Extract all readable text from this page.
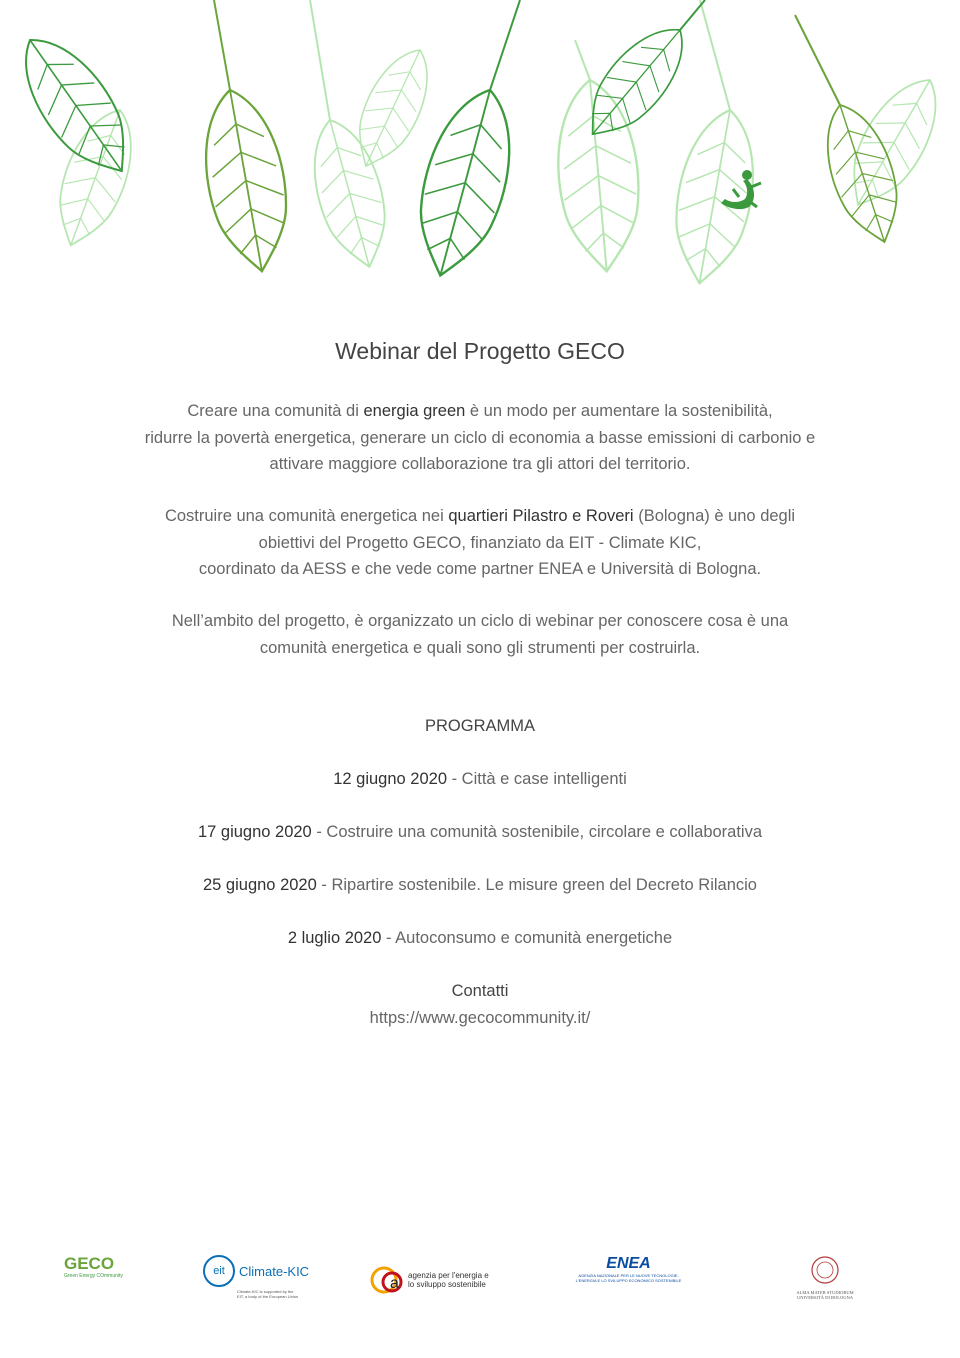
Webinar del Progetto GECO

Creare una comunità di energia green è un modo per aumentare la sostenibilità,
ridurre la povertà energetica, generare un ciclo di economia a basse emissioni di carbonio e
attivare maggiore collaborazione tra gli attori del territorio.

Costruire una comunità energetica nei quartieri Pilastro e Roveri (Bologna) è uno degli
obiettivi del Progetto GECO, finanziato da EIT - Climate KIC,
coordinato da AESS e che vede come partner ENEA e Università di Bologna.

Nell’ambito del progetto, è organizzato un ciclo di webinar per conoscere cosa è una
comunità energetica e quali sono gli strumenti per costruirla.

PROGRAMMA
12 giugno 2020 - Città e case intelligenti
17 giugno 2020 - Costruire una comunità sostenibile, circolare e collaborativa
25 giugno 2020 - Ripartire sostenibile. Le misure green del Decreto Rilancio
2 luglio 2020 - Autoconsumo e comunità energetiche
Contatti
https://www.gecocommunity.it/
GECO
Green Energy COmmunity	eit	Climate-KIC
Climate-KIC is supported by the
EIT, a body of the European Union
a agenzia per l'energia e
lo sviluppo sostenibile
ENEA
AGENZIA NAZIONALE PER LE NUOVE TECNOLOGIE,
L'ENERGIA E LO SVILUPPO ECONOMICO SOSTENIBILE
ALMA MATER STUDIORUM
UNIVERSITÀ DI BOLOGNA
